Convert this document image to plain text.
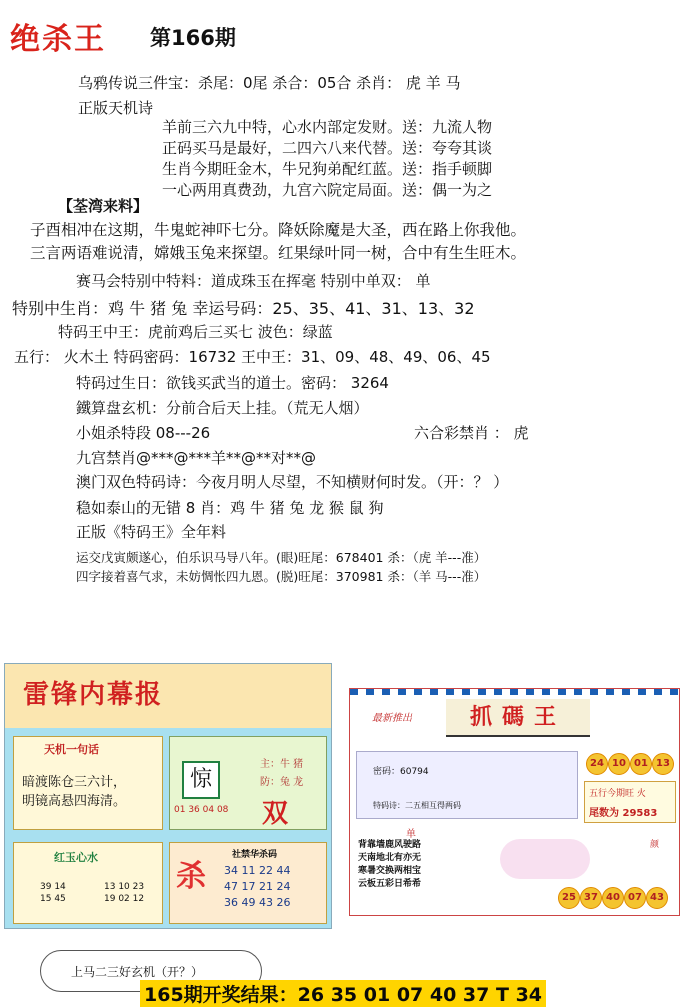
绝杀王 第166期
乌鸦传说三件宝：杀尾：0尾 杀合：05合 杀肖： 虎 羊 马
正版天机诗
羊前三六九中特，心水内部定发财。送：九流人物
正码买马是最好，二四六八来代替。送：夸夸其谈
生肖今期旺金木，牛兄狗弟配红蓝。送：指手顿脚
一心两用真费劲，九宫六院定局面。送：偶一为之
【荃湾来料】
子酉相冲在这期，牛鬼蛇神吓七分。降妖除魔是大圣，西在路上你我他。
三言两语难说清，嫦娥玉兔来探望。红果绿叶同一树，合中有生生旺木。
赛马会特别中特料：道成珠玉在挥毫 特别中单双： 单
特别中生肖：鸡 牛 猪 兔 幸运号码：25、35、41、31、13、32
特码王中王：虎前鸡后三买七 波色：绿蓝
五行： 火木土 特码密码：16732 王中王：31、09、48、49、06、45
特码过生日：欲钱买武当的道士。密码： 3264
鐵算盘玄机：分前合后天上挂。（荒无人烟）
小姐杀特段 08---26	六合彩禁肖 ： 虎
九宫禁肖@***@***羊**@**对**@
澳门双色特码诗：今夜月明人尽望，不知横财何时发。（开：？ ）
稳如泰山的无错 8 肖：鸡 牛 猪 兔 龙 猴 鼠 狗
正版《特码王》全年料
运交戊寅颇遂心，伯乐识马导八年。(眼)旺尾：678401 杀：（虎 羊---准）
四字接着喜气求，未妨惆怅四九恩。(脱)旺尾：370981 杀：（羊 马---准）
雷锋内幕报
天机一句话
暗渡陈仓三六计，
明镜高悬四海清。
惊
主：牛 猪
防：兔 龙
01 36 04 08 双
红玉心水
39 14
15 45
13 10 23
19 02 12
杀
社禁华杀码
34 11 22 44
47 17 21 24
36 49 43 26
最新推出	抓碼王
密码：60794
特码诗：二五相互得两码
24 10 01 13
五行今期旺 火
尾数为 29583
背靠墙鹿风驶路
天南地北有亦无
寒暑交换两相宝
云板五彩日希希
单
颜
25 37 40 07 43
上马二三好玄机（开？）
165期开奖结果：26 35 01 07 40 37 T 34
